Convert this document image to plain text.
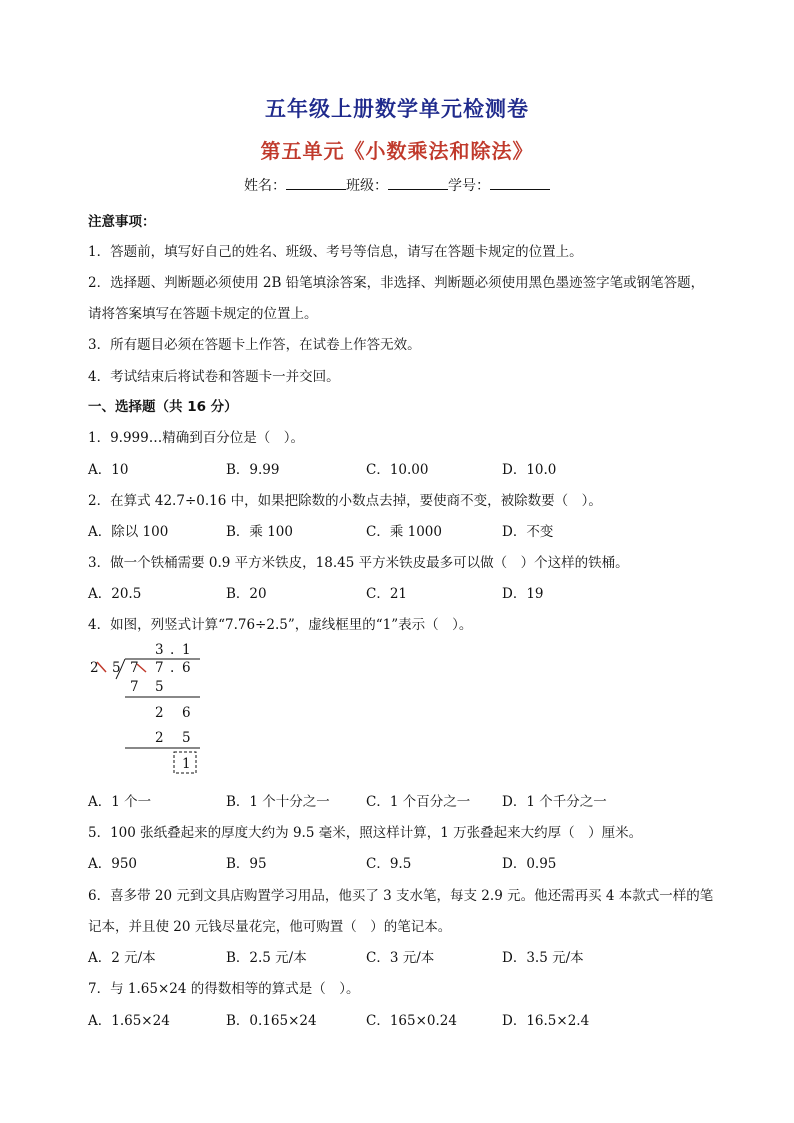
五年级上册数学单元检测卷
第五单元《小数乘法和除法》
姓名：	班级：	学号：
注意事项：
1．答题前，填写好自己的姓名、班级、考号等信息，请写在答题卡规定的位置上。
2．选择题、判断题必须使用 2B 铅笔填涂答案，非选择、判断题必须使用黑色墨迹签字笔或钢笔答题，
请将答案填写在答题卡规定的位置上。
3．所有题目必须在答题卡上作答，在试卷上作答无效。
4．考试结束后将试卷和答题卡一并交回。
一、选择题（共 16 分）
1．9.999…精确到百分位是（　）。
A．10	B．9.99	C．10.00	D．10.0
2．在算式 42.7÷0.16 中，如果把除数的小数点去掉，要使商不变，被除数要（　）。
A．除以 100	B．乘 100	C．乘 1000	D．不变
3．做一个铁桶需要 0.9 平方米铁皮，18.45 平方米铁皮最多可以做（　）个这样的铁桶。
A．20.5	B．20	C．21	D．19
4．如图，列竖式计算“7.76÷2.5”，虚线框里的“1”表示（　）。
3 . 1
2 5 7 7 . 6
7 5
2 6
2 5
1
A．1 个一	B．1 个十分之一	C．1 个百分之一 D．1 个千分之一
5．100 张纸叠起来的厚度大约为 9.5 毫米，照这样计算，1 万张叠起来大约厚（　）厘米。
A．950	B．95	C．9.5	D．0.95
6．喜多带 20 元到文具店购置学习用品，他买了 3 支水笔，每支 2.9 元。他还需再买 4 本款式一样的笔
记本，并且使 20 元钱尽量花完，他可购置（　）的笔记本。
A．2 元/本	B．2.5 元/本	C．3 元/本	D．3.5 元/本
7．与 1.65×24 的得数相等的算式是（　）。
A．1.65×24	B．0.165×24	C．165×0.24	D．16.5×2.4
